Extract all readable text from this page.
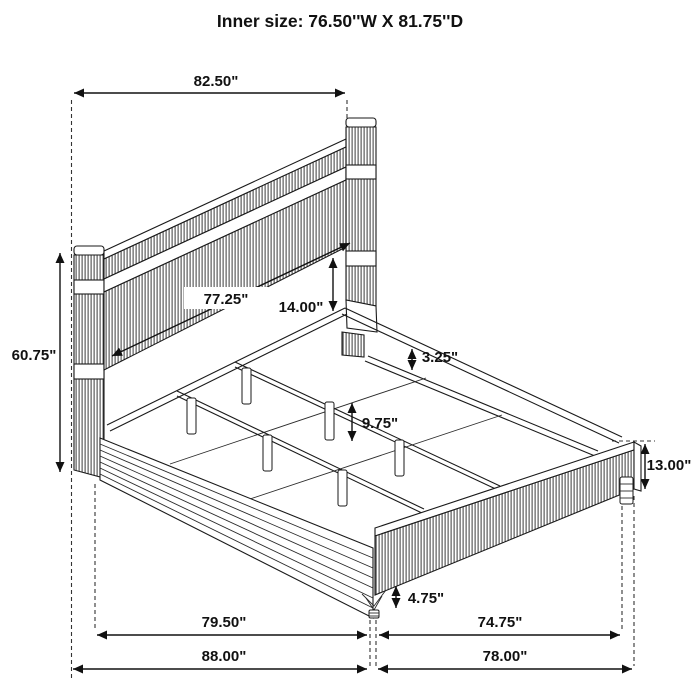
Inner size: 76.50''W X 81.75''D
82.50"
60.75"
77.25" 14.00"
3.25"
9.75"
13.00"
4.75"
79.50"	74.75"
88.00"	78.00"
